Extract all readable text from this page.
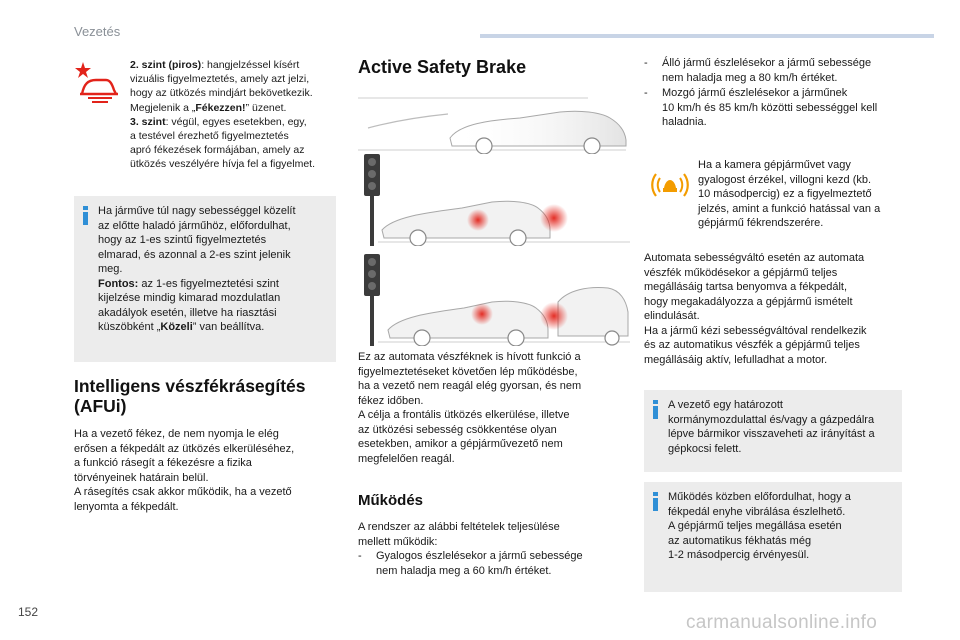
Vezetés
2. szint (piros): hangjelzéssel kísért
vizuális figyelmeztetés, amely azt jelzi,
hogy az ütközés mindjárt bekövetkezik.
Megjelenik a „Fékezzen!” üzenet.
3. szint: végül, egyes esetekben, egy,
a testével érezhető figyelmeztetés
apró fékezések formájában, amely az
ütközés veszélyére hívja fel a figyelmet.
Ha járműve túl nagy sebességgel közelít
az előtte haladó járműhöz, előfordulhat,
hogy az 1-es szintű figyelmeztetés
elmarad, és azonnal a 2-es szint jelenik
meg.
Fontos: az 1-es figyelmeztetési szint
kijelzése mindig kimarad mozdulatlan
akadályok esetén, illetve ha riasztási
küszöbként „Közeli” van beállítva.
Intelligens vészfékrásegítés
(AFUi)
Ha a vezető fékez, de nem nyomja le elég
erősen a fékpedált az ütközés elkerüléséhez,
a funkció rásegít a fékezésre a fizika
törvényeinek határain belül.
A rásegítés csak akkor működik, ha a vezető
lenyomta a fékpedált.
Active Safety Brake
Ez az automata vészféknek is hívott funkció a
figyelmeztetéseket követően lép működésbe,
ha a vezető nem reagál elég gyorsan, és nem
fékez időben.
A célja a frontális ütközés elkerülése, illetve
az ütközési sebesség csökkentése olyan
esetekben, amikor a gépjárművezető nem
megfelelően reagál.
Működés
A rendszer az alábbi feltételek teljesülése
mellett működik:
- Gyalogos észlelésekor a jármű sebessége
nem haladja meg a 60 km/h értéket.
- Álló jármű észlelésekor a jármű sebessége
nem haladja meg a 80 km/h értéket.
- Mozgó jármű észlelésekor a járműnek
10 km/h és 85 km/h közötti sebességgel kell
haladnia.
Ha a kamera gépjárművet vagy
gyalogost érzékel, villogni kezd (kb.
10 másodpercig) ez a figyelmeztető
jelzés, amint a funkció hatással van a
gépjármű fékrendszerére.
Automata sebességváltó esetén az automata
vészfék működésekor a gépjármű teljes
megállásáig tartsa benyomva a fékpedált,
hogy megakadályozza a gépjármű ismételt
elindulását.
Ha a jármű kézi sebességváltóval rendelkezik
és az automatikus vészfék a gépjármű teljes
megállásáig aktív, lefulladhat a motor.
A vezető egy határozott
kormánymozdulattal és/vagy a gázpedálra
lépve bármikor visszaveheti az irányítást a
gépkocsi felett.
Működés közben előfordulhat, hogy a
fékpedál enyhe vibrálása észlelhető.
A gépjármű teljes megállása esetén
az automatikus fékhatás még
1-2 másodpercig érvényesül.
152	carmanualsonline.info
